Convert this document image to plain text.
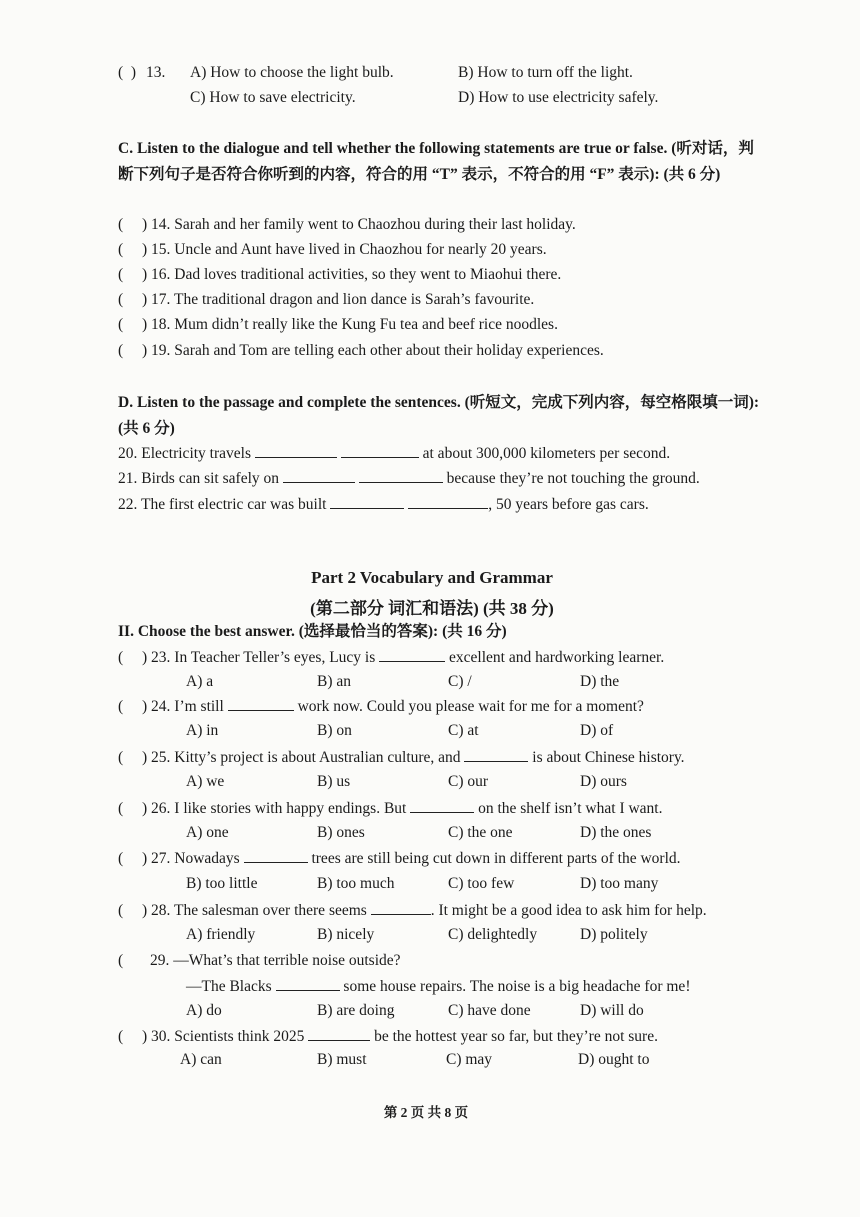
(  ) 13. A) How to choose the light bulb.	B) How to turn off the light.
C) How to save electricity.	D) How to use electricity safely.
C. Listen to the dialogue and tell whether the following statements are true or false. (听对话，判断下列句子是否符合你听到的内容，符合的用 “T” 表示，不符合的用 “F” 表示): (共 6 分)
( ) 14. Sarah and her family went to Chaozhou during their last holiday.
( ) 15. Uncle and Aunt have lived in Chaozhou for nearly 20 years.
( ) 16. Dad loves traditional activities, so they went to Miaohui there.
( ) 17. The traditional dragon and lion dance is Sarah’s favourite.
( ) 18. Mum didn’t really like the Kung Fu tea and beef rice noodles.
( ) 19. Sarah and Tom are telling each other about their holiday experiences.
D. Listen to the passage and complete the sentences. (听短文，完成下列内容，每空格限填一词): (共 6 分)
20. Electricity travels	at about 300,000 kilometers per second.
21. Birds can sit safely on	because they’re not touching the ground.
22. The first electric car was built	, 50 years before gas cars.
Part 2 Vocabulary and Grammar
(第二部分 词汇和语法) (共 38 分)
II. Choose the best answer. (选择最恰当的答案): (共 16 分)
( ) 23. In Teacher Teller’s eyes, Lucy is	excellent and hardworking learner.
A) a	B) an	C) /	D) the
( ) 24. I’m still	work now. Could you please wait for me for a moment?
A) in	B) on	C) at	D) of
( ) 25. Kitty’s project is about Australian culture, and	is about Chinese history.
A) we	B) us	C) our	D) ours
( ) 26. I like stories with happy endings. But	on the shelf isn’t what I want.
A) one	B) ones	C) the one	D) the ones
( ) 27. Nowadays	trees are still being cut down in different parts of the world.
B) too little	B) too much	C) too few	D) too many
( ) 28. The salesman over there seems	. It might be a good idea to ask him for help.
A) friendly	B) nicely	C) delightedly	D) politely
( 29. —What’s that terrible noise outside?
—The Blacks	some house repairs. The noise is a big headache for me!
A) do	B) are doing	C) have done	D) will do
( ) 30. Scientists think 2025	be the hottest year so far, but they’re not sure.
A) can	B) must	C) may	D) ought to
第 2 页 共 8 页
